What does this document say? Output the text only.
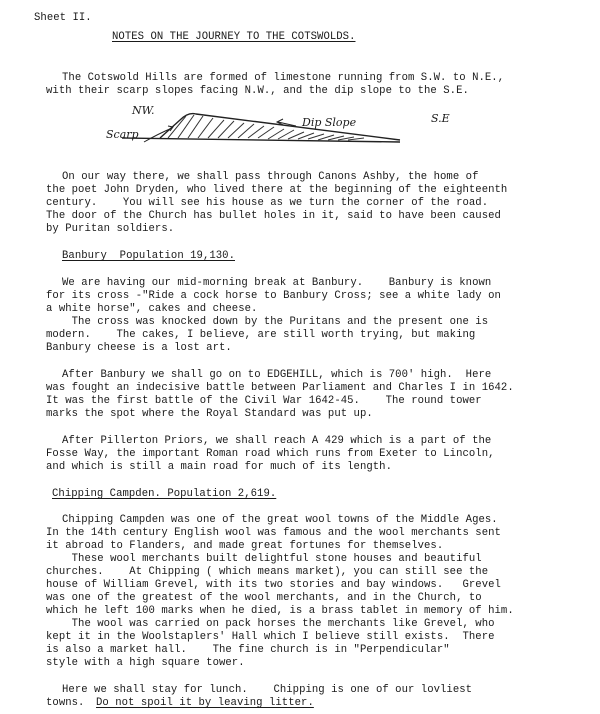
Sheet II.
NOTES ON THE JOURNEY TO THE COTSWOLDS.
The Cotswold Hills are formed of limestone running from S.W. to N.E.,
with their scarp slopes facing N.W., and the dip slope to the S.E.
NW.
S.E
Scarp
Dip Slope
On our way there, we shall pass through Canons Ashby, the home of
the poet John Dryden, who lived there at the beginning of the eighteenth
century.    You will see his house as we turn the corner of the road.
The door of the Church has bullet holes in it, said to have been caused
by Puritan soldiers.
Banbury  Population 19,130.
We are having our mid-morning break at Banbury.    Banbury is known
for its cross -"Ride a cock horse to Banbury Cross; see a white lady on
a white horse", cakes and cheese.
The cross was knocked down by the Puritans and the present one is
modern.    The cakes, I believe, are still worth trying, but making
Banbury cheese is a lost art.
After Banbury we shall go on to EDGEHILL, which is 700' high.  Here
was fought an indecisive battle between Parliament and Charles I in 1642.
It was the first battle of the Civil War 1642-45.    The round tower
marks the spot where the Royal Standard was put up.
After Pillerton Priors, we shall reach A 429 which is a part of the
Fosse Way, the important Roman road which runs from Exeter to Lincoln,
and which is still a main road for much of its length.
Chipping Campden. Population 2,619.
Chipping Campden was one of the great wool towns of the Middle Ages.
In the 14th century English wool was famous and the wool merchants sent
it abroad to Flanders, and made great fortunes for themselves.
These wool merchants built delightful stone houses and beautiful
churches.    At Chipping ( which means market), you can still see the
house of William Grevel, with its two stories and bay windows.   Grevel
was one of the greatest of the wool merchants, and in the Church, to
which he left 100 marks when he died, is a brass tablet in memory of him.
The wool was carried on pack horses the merchants like Grevel, who
kept it in the Woolstaplers' Hall which I believe still exists.  There
is also a market hall.    The fine church is in "Perpendicular"
style with a high square tower.
Here we shall stay for lunch.    Chipping is one of our lovliest
towns. Do not spoil it by leaving litter.
